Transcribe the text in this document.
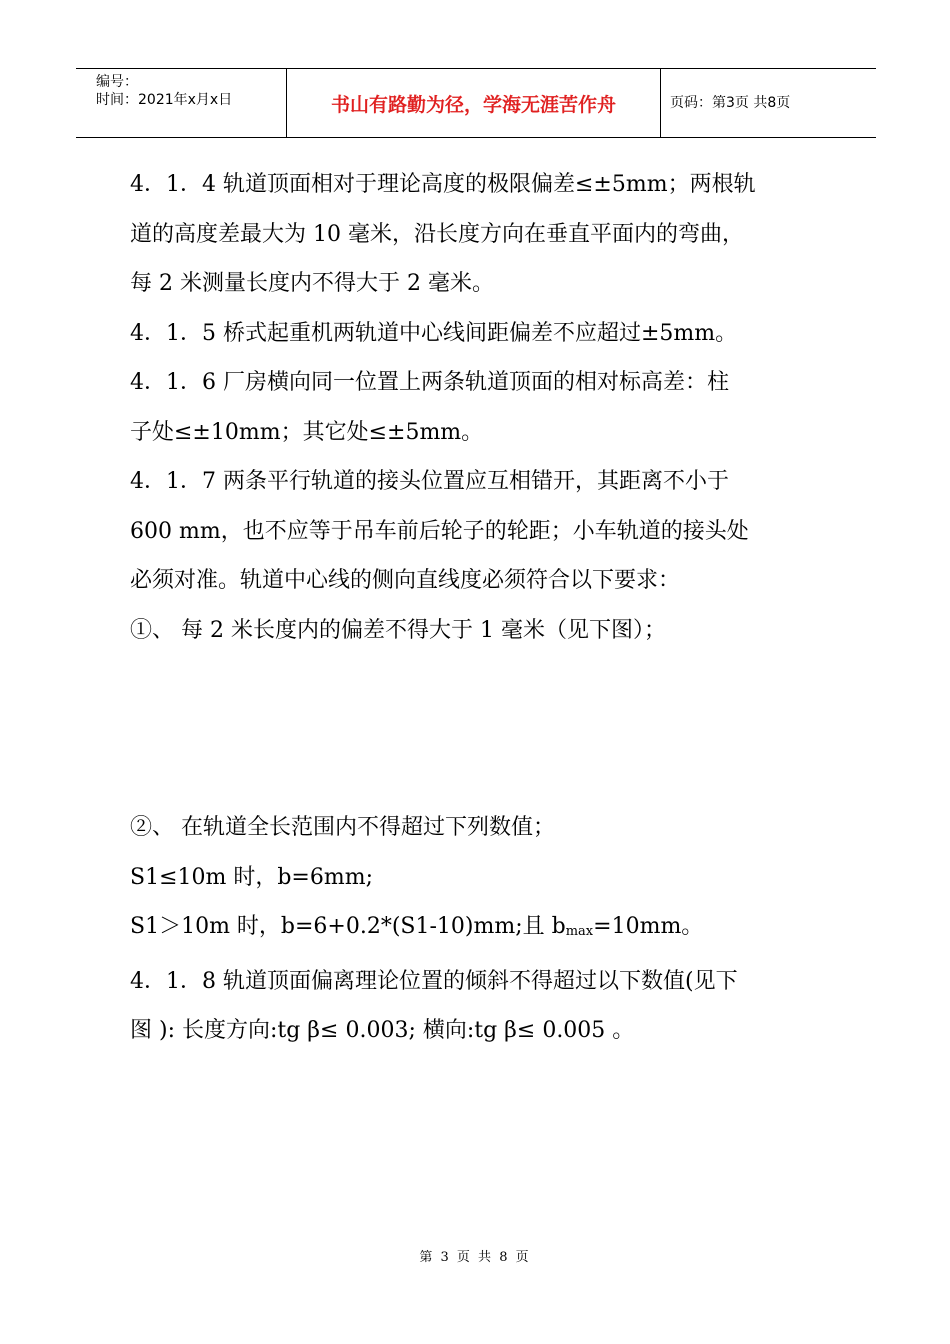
编号：
时间：2021年x月x日	书山有路勤为径，学海无涯苦作舟	页码：第3页 共8页

4．1．4 轨道顶面相对于理论高度的极限偏差≤±5mm；两根轨

道的高度差最大为 10 毫米，沿长度方向在垂直平面内的弯曲，

每 2 米测量长度内不得大于 2 毫米。

4．1．5 桥式起重机两轨道中心线间距偏差不应超过±5mm。

4．1．6 厂房横向同一位置上两条轨道顶面的相对标高差：柱

子处≤±10mm；其它处≤±5mm。

4．1．7 两条平行轨道的接头位置应互相错开，其距离不小于

600 mm，也不应等于吊车前后轮子的轮距；小车轨道的接头处

必须对准。轨道中心线的侧向直线度必须符合以下要求：

①、 每 2 米长度内的偏差不得大于 1 毫米（见下图）；

②、 在轨道全长范围内不得超过下列数值；

S1≤10m 时，b=6mm;

S1＞10m 时，b=6+0.2*(S1-10)mm;且 $b_{max}=10mm$。

4．1．8 轨道顶面偏离理论位置的倾斜不得超过以下数值(见下

图 ): 长度方向:tg β≤ 0.003; 横向:tg β≤ 0.005 。

第 3 页 共 8 页
